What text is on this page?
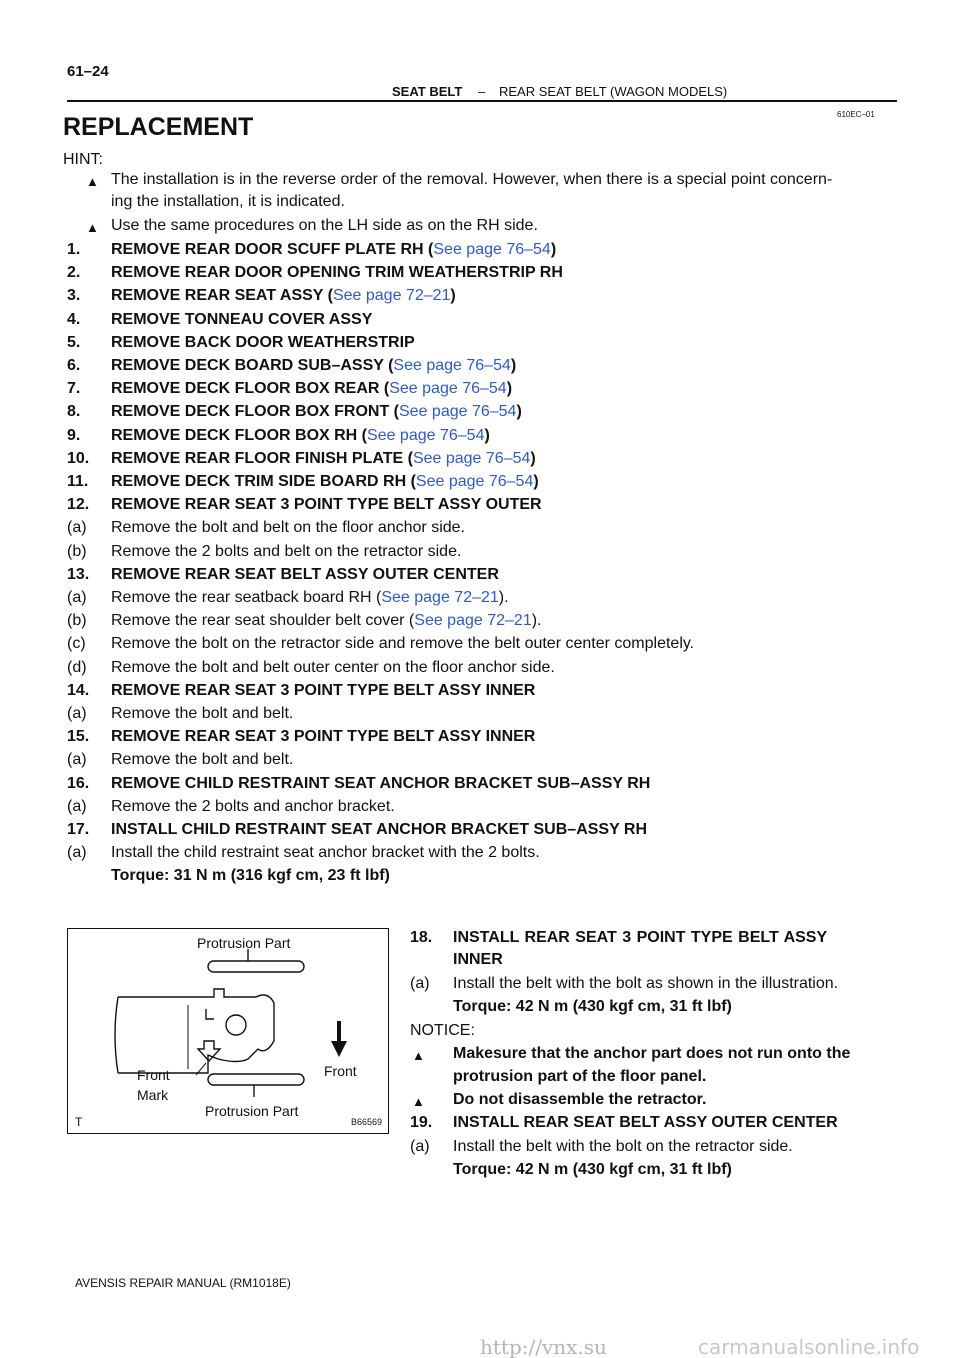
61–24
SEAT BELT – REAR SEAT BELT (WAGON MODELS)
610EC–01
REPLACEMENT
HINT:
▲ The installation is in the reverse order of the removal. However, when there is a special point concern-
ing the installation, it is indicated.
▲ Use the same procedures on the LH side as on the RH side.
1. REMOVE REAR DOOR SCUFF PLATE RH (See page 76–54)
2. REMOVE REAR DOOR OPENING TRIM WEATHERSTRIP RH
3. REMOVE REAR SEAT ASSY (See page 72–21)
4. REMOVE TONNEAU COVER ASSY
5. REMOVE BACK DOOR WEATHERSTRIP
6. REMOVE DECK BOARD SUB–ASSY (See page 76–54)
7. REMOVE DECK FLOOR BOX REAR (See page 76–54)
8. REMOVE DECK FLOOR BOX FRONT (See page 76–54)
9. REMOVE DECK FLOOR BOX RH (See page 76–54)
10. REMOVE REAR FLOOR FINISH PLATE (See page 76–54)
11. REMOVE DECK TRIM SIDE BOARD RH (See page 76–54)
12. REMOVE REAR SEAT 3 POINT TYPE BELT ASSY OUTER
(a) Remove the bolt and belt on the floor anchor side.
(b) Remove the 2 bolts and belt on the retractor side.
13. REMOVE REAR SEAT BELT ASSY OUTER CENTER
(a) Remove the rear seatback board RH (See page 72–21).
(b) Remove the rear seat shoulder belt cover (See page 72–21).
(c) Remove the bolt on the retractor side and remove the belt outer center completely.
(d) Remove the bolt and belt outer center on the floor anchor side.
14. REMOVE REAR SEAT 3 POINT TYPE BELT ASSY INNER
(a) Remove the bolt and belt.
15. REMOVE REAR SEAT 3 POINT TYPE BELT ASSY INNER
(a) Remove the bolt and belt.
16. REMOVE CHILD RESTRAINT SEAT ANCHOR BRACKET SUB–ASSY RH
(a) Remove the 2 bolts and anchor bracket.
17. INSTALL CHILD RESTRAINT SEAT ANCHOR BRACKET SUB–ASSY RH
(a) Install the child restraint seat anchor bracket with the 2 bolts.
Torque: 31 N m (316 kgf cm, 23 ft lbf)
Protrusion Part
Protrusion Part
Front
Mark
Front
B66569
T
18. INSTALL REAR SEAT 3 POINT TYPE BELT ASSY
INNER
(a) Install the belt with the bolt as shown in the illustration.
Torque: 42 N m (430 kgf cm, 31 ft lbf)
NOTICE:
▲ Makesure that the anchor part does not run onto the
protrusion part of the floor panel.
▲ Do not disassemble the retractor.
19. INSTALL REAR SEAT BELT ASSY OUTER CENTER
(a) Install the belt with the bolt on the retractor side.
Torque: 42 N m (430 kgf cm, 31 ft lbf)
AVENSIS REPAIR MANUAL (RM1018E)
http://vnx.su	carmanualsonline.info
